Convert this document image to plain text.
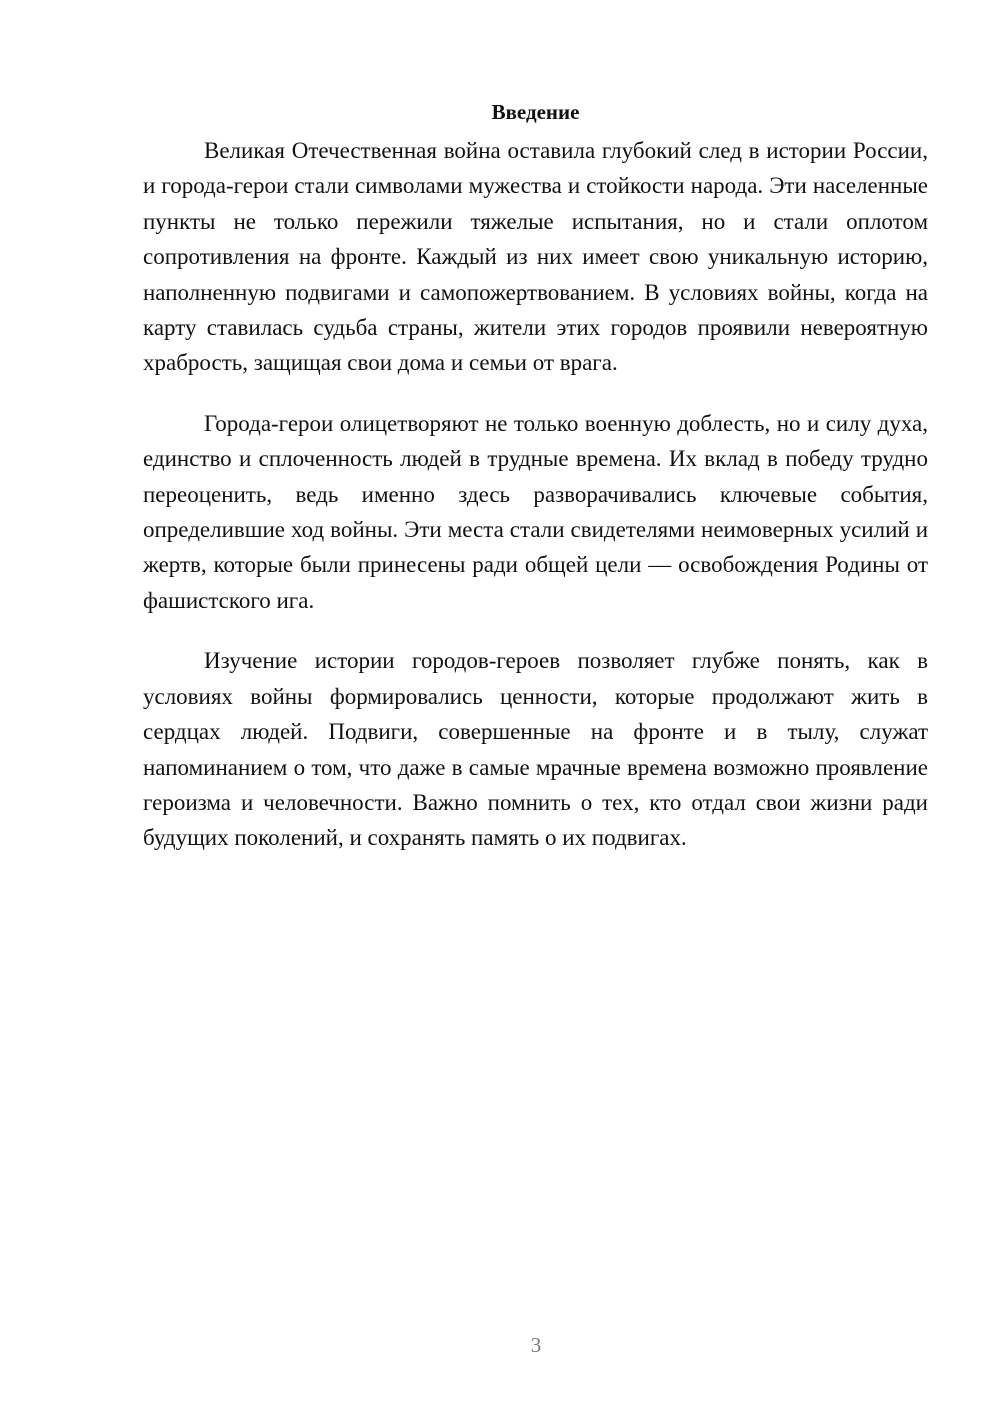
Введение

Великая Отечественная война оставила глубокий след в истории России, и города-герои стали символами мужества и стойкости народа. Эти населенные пункты не только пережили тяжелые испытания, но и стали оплотом сопротивления на фронте. Каждый из них имеет свою уникальную историю, наполненную подвигами и самопожертвованием. В условиях войны, когда на карту ставилась судьба страны, жители этих городов проявили невероятную храбрость, защищая свои дома и семьи от врага.

Города-герои олицетворяют не только военную доблесть, но и силу духа, единство и сплоченность людей в трудные времена. Их вклад в победу трудно переоценить, ведь именно здесь разворачивались ключевые события, определившие ход войны. Эти места стали свидетелями неимоверных усилий и жертв, которые были принесены ради общей цели — освобождения Родины от фашистского ига.

Изучение истории городов-героев позволяет глубже понять, как в условиях войны формировались ценности, которые продолжают жить в сердцах людей. Подвиги, совершенные на фронте и в тылу, служат напоминанием о том, что даже в самые мрачные времена возможно проявление героизма и человечности. Важно помнить о тех, кто отдал свои жизни ради будущих поколений, и сохранять память о их подвигах.

3
